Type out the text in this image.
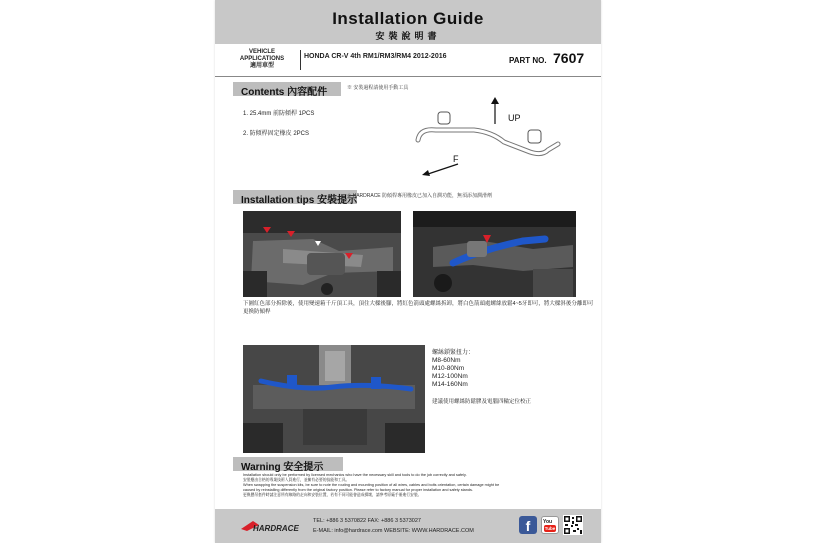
Installation Guide
安裝說明書
VEHICLE APPLICATIONS
適用車型
HONDA CR-V 4th RM1/RM3/RM4 2012-2016	PART NO. 7607
Contents 內容配件	※ 安裝過程請使用手動工具
1. 25.4mm 前防傾桿 1PCS
2. 防傾桿固定橡皮 2PCS
UP
F
Installation tips 安裝提示
※ HARDRACE 防傾桿專用橡皮已加入自潤功能，無須添加潤滑劑
下圖紅色部分拆除後，使用變速箱千斤頂工具，頂住大樑後腳，將紅色箭頭處螺絲拆卸，將白色箭頭處螺絲放鬆4~5牙即可，將大樑斜後分離即可更換防傾桿
螺絲鎖緊扭力：
M8-60Nm
M10-80Nm
M12-100Nm
M14-160Nm
建議使用螺絲防鬆膠及電腦四輪定位校正
Warning 安全提示
Installation should only be performed by licensed mechanics who have the necessary skill and tools to do the job correctly and safely.
安裝應由合格的專業技術人員進行，並擁有必要的技能和工具。
When swapping the suspension kits, be sure to note the routing and mounting position of all wires, cables and bolts orientation, certain damage might be
caused by reinstalling differently from the original factory position. Please refer to factory manual for proper installation and safety stands.
更換懸吊套件時請注意所有線路的走向和安裝位置，若有不同可能會造成損壞，請參考原廠手冊進行安裝。
HARDRACE
TEL: +886 3 5370822 FAX: +886 3 5373027
E-MAIL: info@hardrace.com WEBSITE: WWW.HARDRACE.COM	f	You
Tube
